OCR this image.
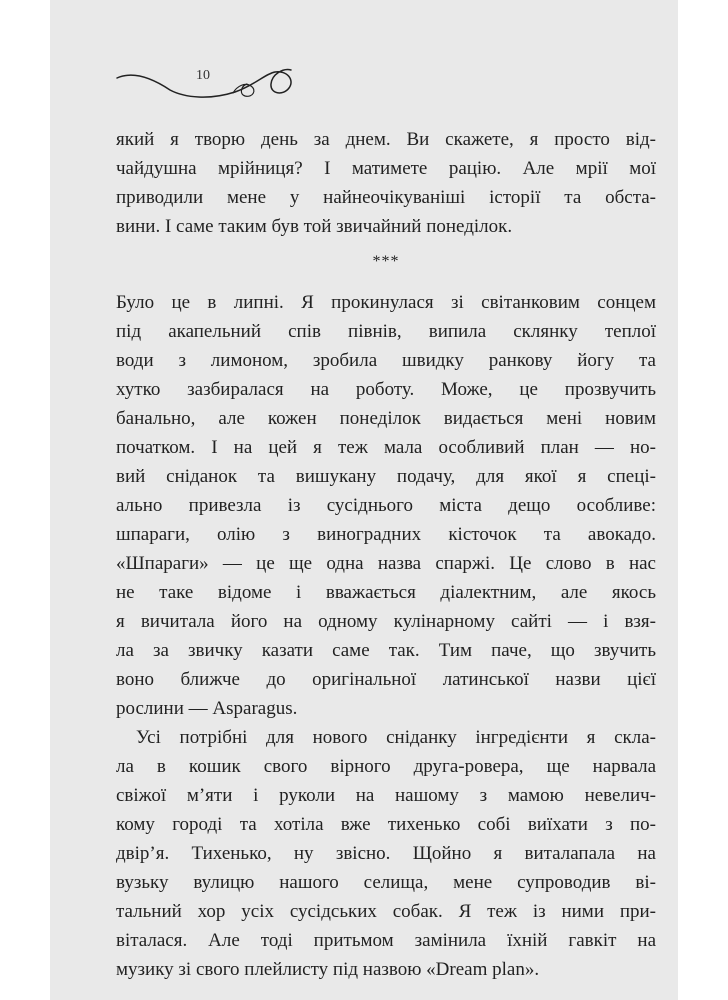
10
який я творю день за днем. Ви скажете, я просто від-
чайдушна мрійниця? І матимете рацію. Але мрії мої
приводили мене у найнеочікуваніші історії та обста-
вини. І саме таким був той звичайний понеділок.
***
Було це в липні. Я прокинулася зі світанковим сонцем
під акапельний спів півнів, випила склянку теплої
води з лимоном, зробила швидку ранкову йогу та
хутко зазбиралася на роботу. Може, це прозвучить
банально, але кожен понеділок видається мені новим
початком. І на цей я теж мала особливий план — но-
вий сніданок та вишукану подачу, для якої я спеці-
ально привезла із сусіднього міста дещо особливе:
шпараги, олію з виноградних кісточок та авокадо.
«Шпараги» — це ще одна назва спаржі. Це слово в нас
не таке відоме і вважається діалектним, але якось
я вичитала його на одному кулінарному сайті — і взя-
ла за звичку казати саме так. Тим паче, що звучить
воно ближче до оригінальної латинської назви цієї
рослини — Asparagus.
Усі потрібні для нового сніданку інгредієнти я скла-
ла в кошик свого вірного друга-ровера, ще нарвала
свіжої м’яти і руколи на нашому з мамою невелич-
кому городі та хотіла вже тихенько собі виїхати з по-
двір’я. Тихенько, ну звісно. Щойно я виталапала на
вузьку вулицю нашого селища, мене супроводив ві-
тальний хор усіх сусідських собак. Я теж із ними при-
віталася. Але тоді притьмом замінила їхній гавкіт на
музику зі свого плейлисту під назвою «Dream plan».
